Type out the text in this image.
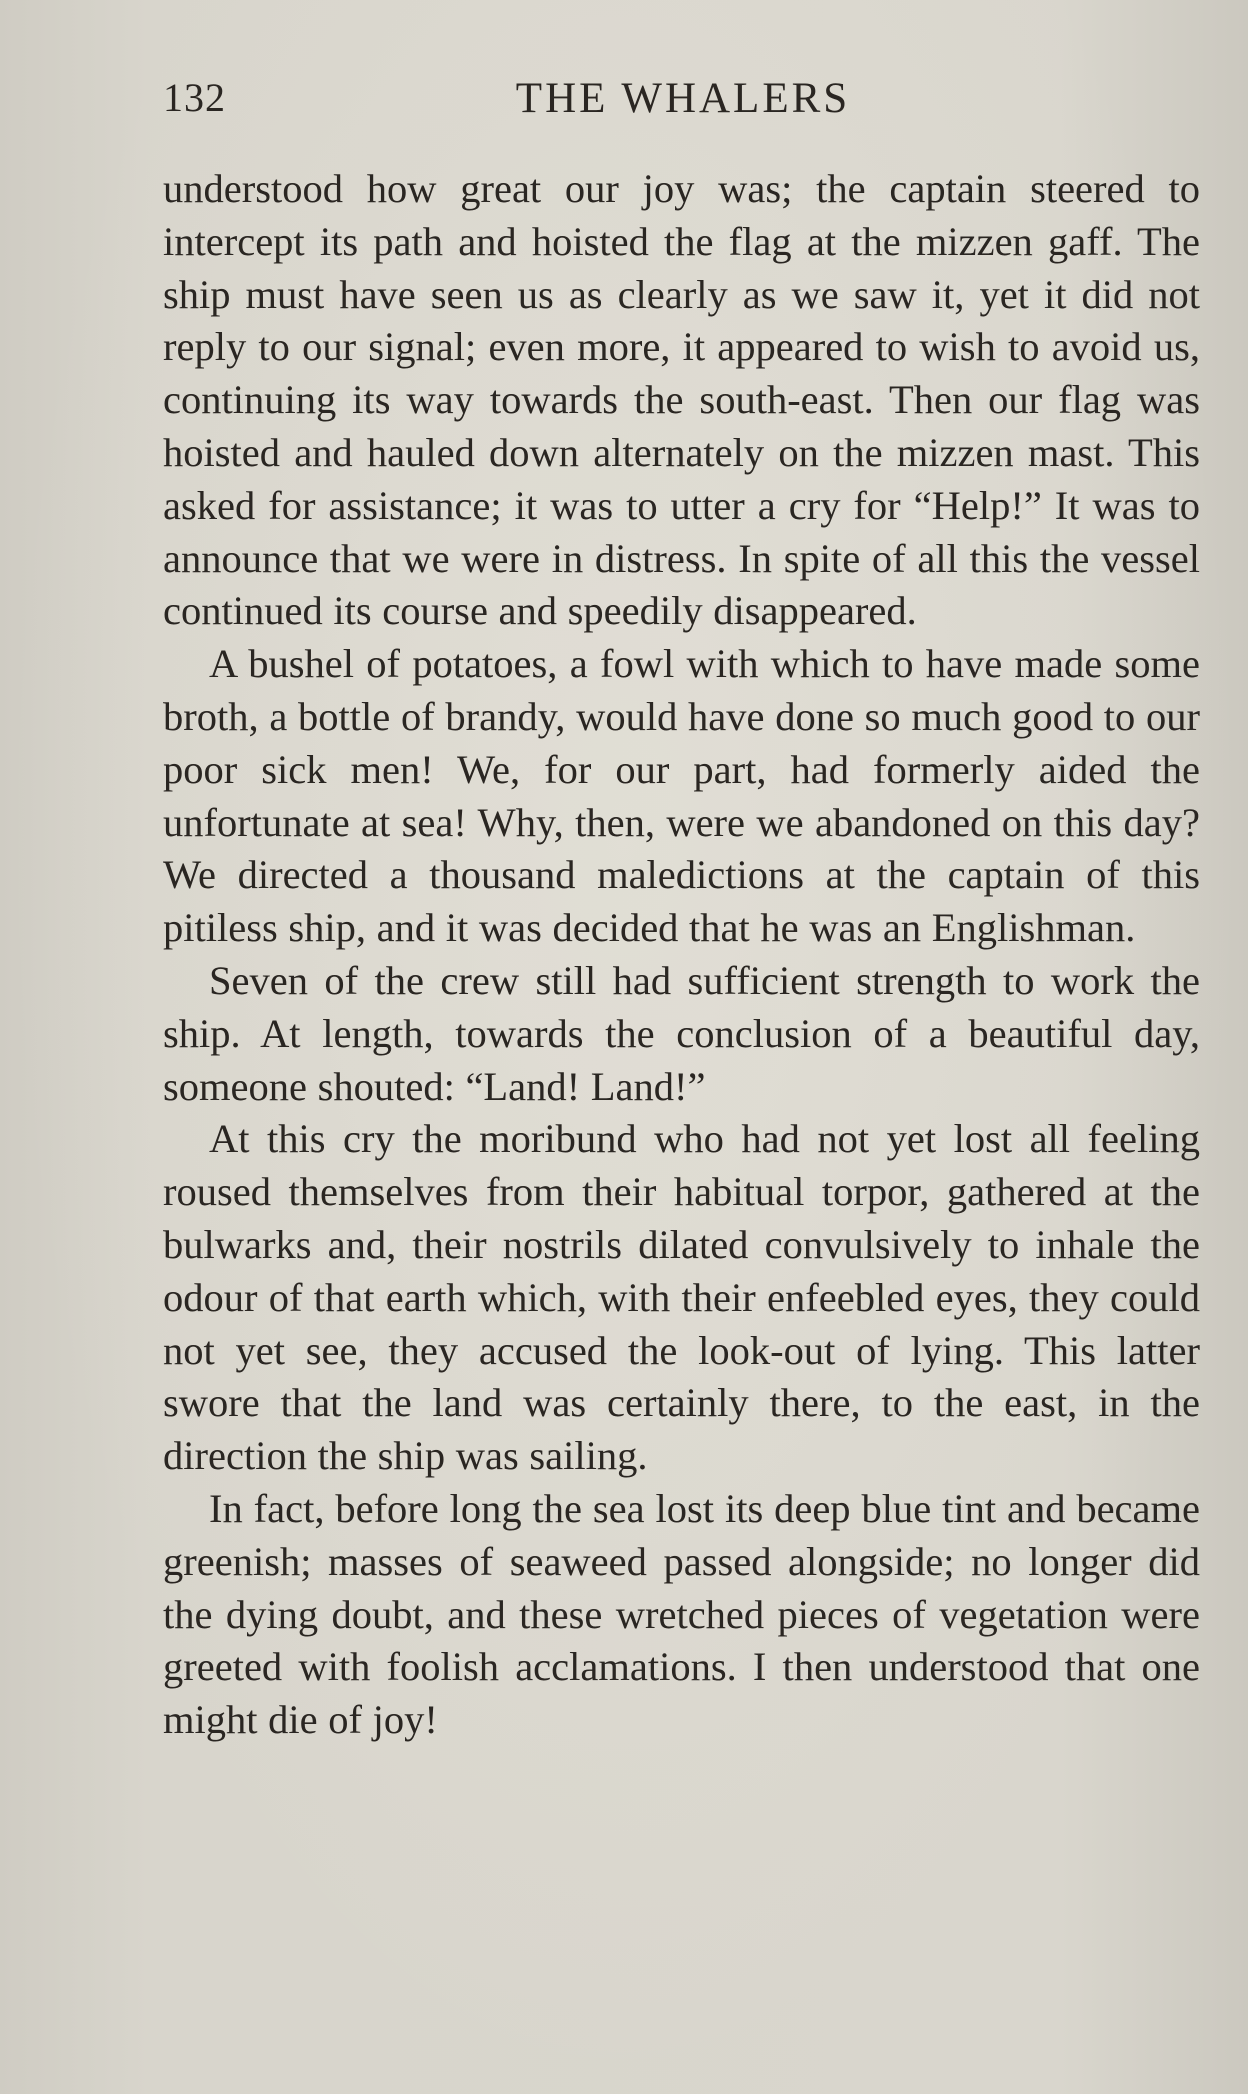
132	THE WHALERS

understood how great our joy was; the captain steered to intercept its path and hoisted the flag at the mizzen gaff. The ship must have seen us as clearly as we saw it, yet it did not reply to our signal; even more, it appeared to wish to avoid us, continuing its way towards the south-east. Then our flag was hoisted and hauled down alternately on the mizzen mast. This asked for assistance; it was to utter a cry for “Help!” It was to announce that we were in distress. In spite of all this the vessel continued its course and speedily disappeared.

A bushel of potatoes, a fowl with which to have made some broth, a bottle of brandy, would have done so much good to our poor sick men! We, for our part, had formerly aided the unfortunate at sea! Why, then, were we abandoned on this day? We directed a thousand maledictions at the captain of this pitiless ship, and it was decided that he was an Englishman.

Seven of the crew still had sufficient strength to work the ship. At length, towards the conclusion of a beautiful day, someone shouted: “Land! Land!”

At this cry the moribund who had not yet lost all feeling roused themselves from their habitual torpor, gathered at the bulwarks and, their nostrils dilated convulsively to inhale the odour of that earth which, with their enfeebled eyes, they could not yet see, they accused the look-out of lying. This latter swore that the land was certainly there, to the east, in the direction the ship was sailing.

In fact, before long the sea lost its deep blue tint and became greenish; masses of seaweed passed alongside; no longer did the dying doubt, and these wretched pieces of vegetation were greeted with foolish acclamations. I then understood that one might die of joy!
